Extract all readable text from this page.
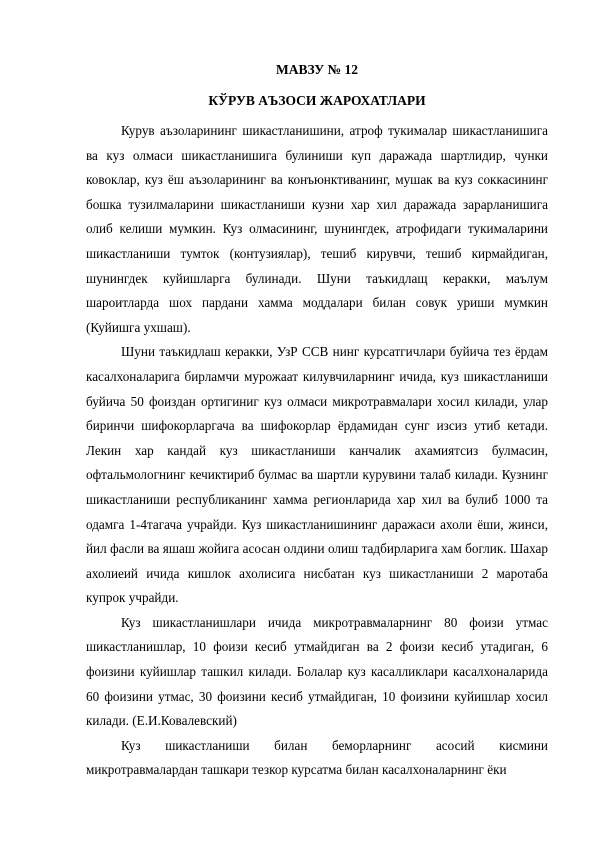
МАВЗУ № 12
КЎРУВ АЪЗОСИ ЖАРОХАТЛАРИ

Курув аъзоларининг шикастланишини, атроф тукималар шикастланишига ва куз олмаси шикастланишига булиниши куп даражада шартлидир, чунки ковоклар, куз ёш аъзоларининг ва конъюнктиванинг, мушак ва куз соккасининг бошка тузилмаларини шикастланиши кузни хар хил даражада зарарланишига олиб келиши мумкин. Куз олмасининг, шунингдек, атрофидаги тукималарини шикастланиши тумток (контузиялар), тешиб кирувчи, тешиб кирмайдиган, шунингдек куйишларга булинади. Шуни таъкидлащ керакки, маълум шароитларда шох пардани хамма моддалари билан совук уриши мумкин (Куйишга ухшаш).

Шуни таъкидлаш керакки, УзР ССВ нинг курсатгичлари буйича тез ёрдам касалхоналарига бирламчи мурожаат килувчиларнинг ичида, куз шикастланиши буйича 50 фоиздан ортигиниг куз олмаси микротравмалари хосил килади, улар биринчи шифокорларгача ва шифокорлар ёрдамидан сунг изсиз утиб кетади. Лекин хар кандай куз шикастланиши канчалик ахамиятсиз булмасин, офтальмологнинг кечиктириб булмас ва шартли курувини талаб килади. Кузнинг шикастланиши республиканинг хамма регионларида хар хил ва булиб 1000 та одамга 1-4тагача учрайди. Куз шикастланишининг даражаси ахоли ёши, жинси, йил фасли ва яшаш жойига асосан олдини олиш тадбирларига хам боглик. Шахар ахолиеий ичида кишлок ахолисига нисбатан куз шикастланиши 2 маротаба купрок учрайди.

Куз шикастланишлари ичида микротравмаларнинг 80 фоизи утмас шикастланишлар, 10 фоизи кесиб утмайдиган ва 2 фоизи кесиб утадиган, 6 фоизини куйишлар ташкил килади. Болалар куз касалликлари касалхоналарида 60 фоизини утмас, 30 фоизини кесиб утмайдиган, 10 фоизини куйишлар хосил килади. (Е.И.Ковалевский)

Куз шикастланиши билан беморларнинг асосий кисмини микротравмалардан ташкари тезкор курсатма билан касалхоналарнинг ёки
